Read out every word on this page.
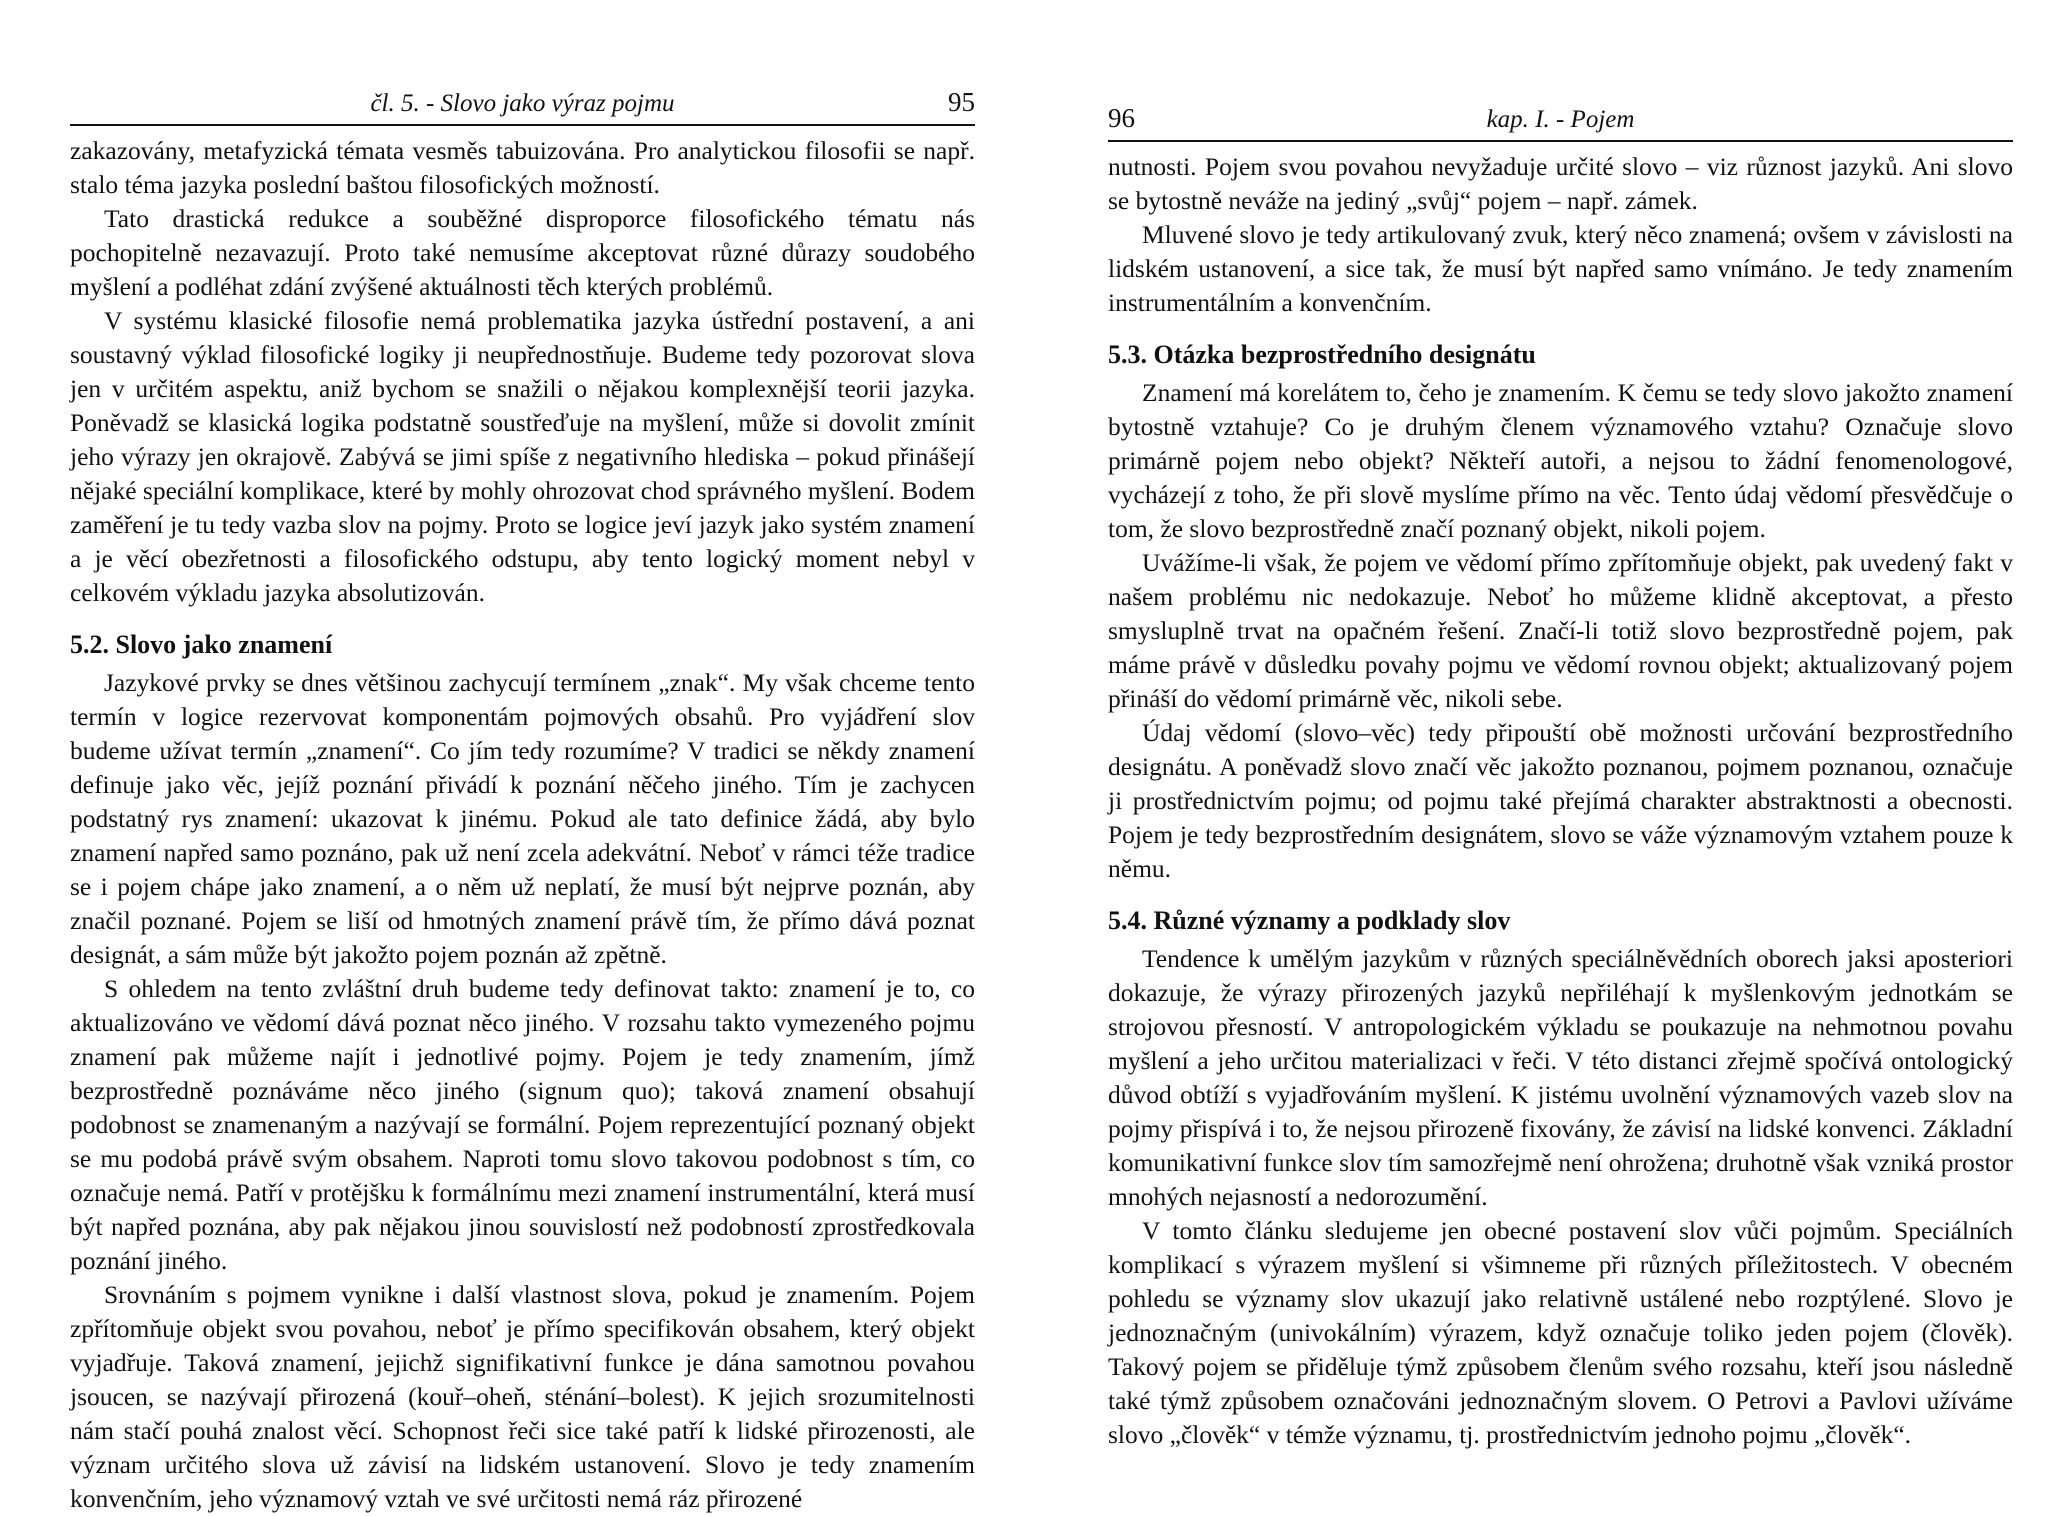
čl. 5. - Slovo jako výraz pojmu	95

zakazovány, metafyzická témata vesměs tabuizována. Pro analytickou filosofii se např. stalo téma jazyka poslední baštou filosofických možností.

Tato drastická redukce a souběžné disproporce filosofického tématu nás pochopitelně nezavazují. Proto také nemusíme akceptovat různé důrazy soudobého myšlení a podléhat zdání zvýšené aktuálnosti těch kterých problémů.

V systému klasické filosofie nemá problematika jazyka ústřední postavení, a ani soustavný výklad filosofické logiky ji neupřednostňuje. Budeme tedy pozorovat slova jen v určitém aspektu, aniž bychom se snažili o nějakou komplexnější teorii jazyka. Poněvadž se klasická logika podstatně soustřeďuje na myšlení, může si dovolit zmínit jeho výrazy jen okrajově. Zabývá se jimi spíše z negativního hlediska – pokud přinášejí nějaké speciální komplikace, které by mohly ohrozovat chod správného myšlení. Bodem zaměření je tu tedy vazba slov na pojmy. Proto se logice jeví jazyk jako systém znamení a je věcí obezřetnosti a filosofického odstupu, aby tento logický moment nebyl v celkovém výkladu jazyka absolutizován.

5.2. Slovo jako znamení

Jazykové prvky se dnes většinou zachycují termínem „znak“. My však chceme tento termín v logice rezervovat komponentám pojmových obsahů. Pro vyjádření slov budeme užívat termín „znamení“. Co jím tedy rozumíme? V tradici se někdy znamení definuje jako věc, jejíž poznání přivádí k poznání něčeho jiného. Tím je zachycen podstatný rys znamení: ukazovat k jinému. Pokud ale tato definice žádá, aby bylo znamení napřed samo poznáno, pak už není zcela adekvátní. Neboť v rámci téže tradice se i pojem chápe jako znamení, a o něm už neplatí, že musí být nejprve poznán, aby značil poznané. Pojem se liší od hmotných znamení právě tím, že přímo dává poznat designát, a sám může být jakožto pojem poznán až zpětně.

S ohledem na tento zvláštní druh budeme tedy definovat takto: znamení je to, co aktualizováno ve vědomí dává poznat něco jiného. V rozsahu takto vymezeného pojmu znamení pak můžeme najít i jednotlivé pojmy. Pojem je tedy znamením, jímž bezprostředně poznáváme něco jiného (signum quo); taková znamení obsahují podobnost se znamenaným a nazývají se formální. Pojem reprezentující poznaný objekt se mu podobá právě svým obsahem. Naproti tomu slovo takovou podobnost s tím, co označuje nemá. Patří v protějšku k formálnímu mezi znamení instrumentální, která musí být napřed poznána, aby pak nějakou jinou souvislostí než podobností zprostředkovala poznání jiného.

Srovnáním s pojmem vynikne i další vlastnost slova, pokud je znamením. Pojem zpřítomňuje objekt svou povahou, neboť je přímo specifikován obsahem, který objekt vyjadřuje. Taková znamení, jejichž signifikativní funkce je dána samotnou povahou jsoucen, se nazývají přirozená (kouř–oheň, sténání–bolest). K jejich srozumitelnosti nám stačí pouhá znalost věcí. Schopnost řeči sice také patří k lidské přirozenosti, ale význam určitého slova už závisí na lidském ustanovení. Slovo je tedy znamením konvenčním, jeho významový vztah ve své určitosti nemá ráz přirozené

96	kap. I. - Pojem

nutnosti. Pojem svou povahou nevyžaduje určité slovo – viz různost jazyků. Ani slovo se bytostně neváže na jediný „svůj“ pojem – např. zámek.

Mluvené slovo je tedy artikulovaný zvuk, který něco znamená; ovšem v závislosti na lidském ustanovení, a sice tak, že musí být napřed samo vnímáno. Je tedy znamením instrumentálním a konvenčním.

5.3. Otázka bezprostředního designátu

Znamení má korelátem to, čeho je znamením. K čemu se tedy slovo jakožto znamení bytostně vztahuje? Co je druhým členem významového vztahu? Označuje slovo primárně pojem nebo objekt? Někteří autoři, a nejsou to žádní fenomenologové, vycházejí z toho, že při slově myslíme přímo na věc. Tento údaj vědomí přesvědčuje o tom, že slovo bezprostředně značí poznaný objekt, nikoli pojem.

Uvážíme-li však, že pojem ve vědomí přímo zpřítomňuje objekt, pak uvedený fakt v našem problému nic nedokazuje. Neboť ho můžeme klidně akceptovat, a přesto smysluplně trvat na opačném řešení. Značí-li totiž slovo bezprostředně pojem, pak máme právě v důsledku povahy pojmu ve vědomí rovnou objekt; aktualizovaný pojem přináší do vědomí primárně věc, nikoli sebe.

Údaj vědomí (slovo–věc) tedy připouští obě možnosti určování bezprostředního designátu. A poněvadž slovo značí věc jakožto poznanou, pojmem poznanou, označuje ji prostřednictvím pojmu; od pojmu také přejímá charakter abstraktnosti a obecnosti. Pojem je tedy bezprostředním designátem, slovo se váže významovým vztahem pouze k němu.

5.4. Různé významy a podklady slov

Tendence k umělým jazykům v různých speciálněvědních oborech jaksi aposteriori dokazuje, že výrazy přirozených jazyků nepřiléhají k myšlenkovým jednotkám se strojovou přesností. V antropologickém výkladu se poukazuje na nehmotnou povahu myšlení a jeho určitou materializaci v řeči. V této distanci zřejmě spočívá ontologický důvod obtíží s vyjadřováním myšlení. K jistému uvolnění významových vazeb slov na pojmy přispívá i to, že nejsou přirozeně fixovány, že závisí na lidské konvenci. Základní komunikativní funkce slov tím samozřejmě není ohrožena; druhotně však vzniká prostor mnohých nejasností a nedorozumění.

V tomto článku sledujeme jen obecné postavení slov vůči pojmům. Speciálních komplikací s výrazem myšlení si všimneme při různých příležitostech. V obecném pohledu se významy slov ukazují jako relativně ustálené nebo rozptýlené. Slovo je jednoznačným (univokálním) výrazem, když označuje toliko jeden pojem (člověk). Takový pojem se přiděluje týmž způsobem členům svého rozsahu, kteří jsou následně také týmž způsobem označováni jednoznačným slovem. O Petrovi a Pavlovi užíváme slovo „člověk“ v témže významu, tj. prostřednictvím jednoho pojmu „člověk“.
